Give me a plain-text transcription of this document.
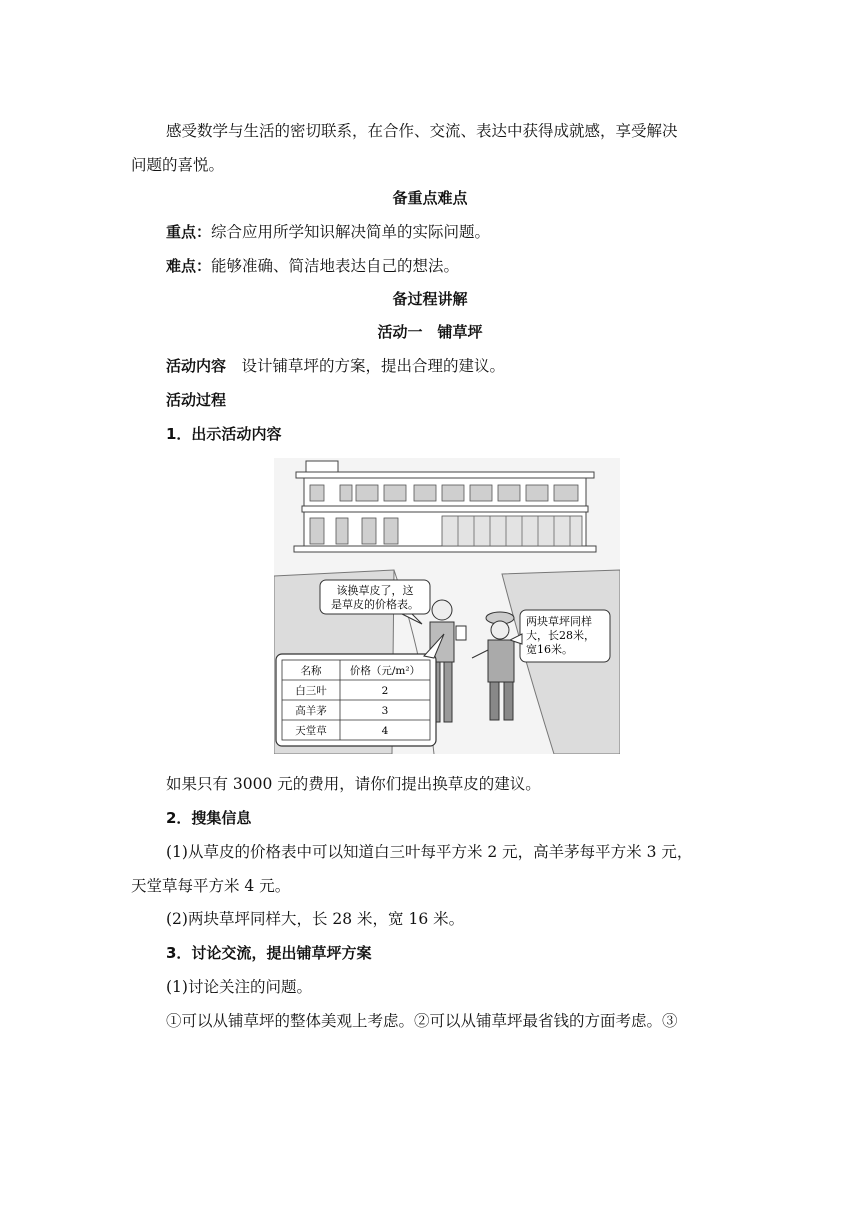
感受数学与生活的密切联系，在合作、交流、表达中获得成就感，享受解决
问题的喜悦。
备重点难点
重点：综合应用所学知识解决简单的实际问题。
难点：能够准确、简洁地表达自己的想法。
备过程讲解
活动一　铺草坪
活动内容　设计铺草坪的方案，提出合理的建议。
活动过程
1．出示活动内容
该换草皮了，这
是草皮的价格表。
两块草坪同样
大，长28米，
宽16米。
名称	价格（元/m²）
白三叶	2
高羊茅	3
天堂草	4
如果只有 3000 元的费用，请你们提出换草皮的建议。
2．搜集信息
(1)从草皮的价格表中可以知道白三叶每平方米 2 元，高羊茅每平方米 3 元，
天堂草每平方米 4 元。
(2)两块草坪同样大，长 28 米，宽 16 米。
3．讨论交流，提出铺草坪方案
(1)讨论关注的问题。
①可以从铺草坪的整体美观上考虑。②可以从铺草坪最省钱的方面考虑。③
